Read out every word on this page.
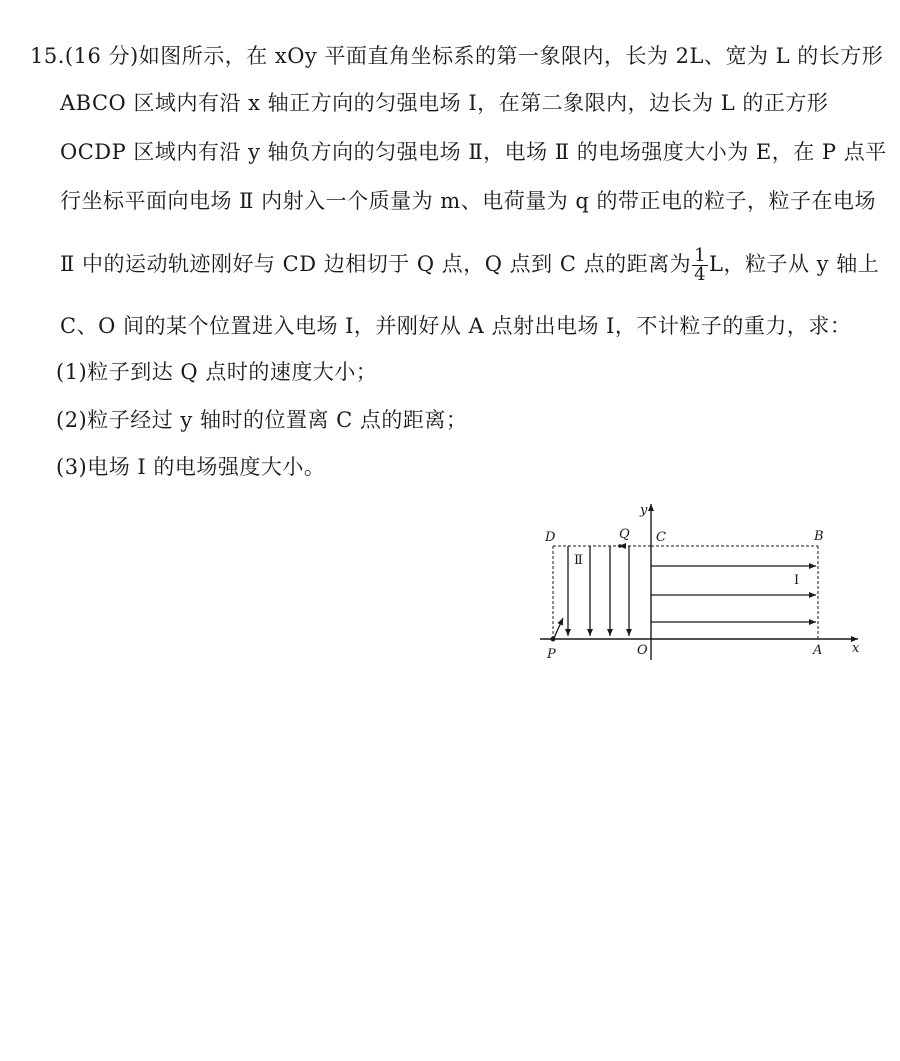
15.(16 分)如图所示，在 xOy 平面直角坐标系的第一象限内，长为 2L、宽为 L 的长方形
ABCO 区域内有沿 x 轴正方向的匀强电场 Ⅰ，在第二象限内，边长为 L 的正方形
OCDP 区域内有沿 y 轴负方向的匀强电场 Ⅱ，电场 Ⅱ 的电场强度大小为 E，在 P 点平
行坐标平面向电场 Ⅱ 内射入一个质量为 m、电荷量为 q 的带正电的粒子，粒子在电场
Ⅱ 中的运动轨迹刚好与 CD 边相切于 Q 点，Q 点到 C 点的距离为 $\frac{1}{4}$ L，粒子从 y 轴上
C、O 间的某个位置进入电场 Ⅰ，并刚好从 A 点射出电场 Ⅰ，不计粒子的重力，求：
(1)粒子到达 Q 点时的速度大小；
(2)粒子经过 y 轴时的位置离 C 点的距离；
(3)电场 Ⅰ 的电场强度大小。
y
x
D	Q C	B
P	O	A
Ⅰ
Ⅱ
